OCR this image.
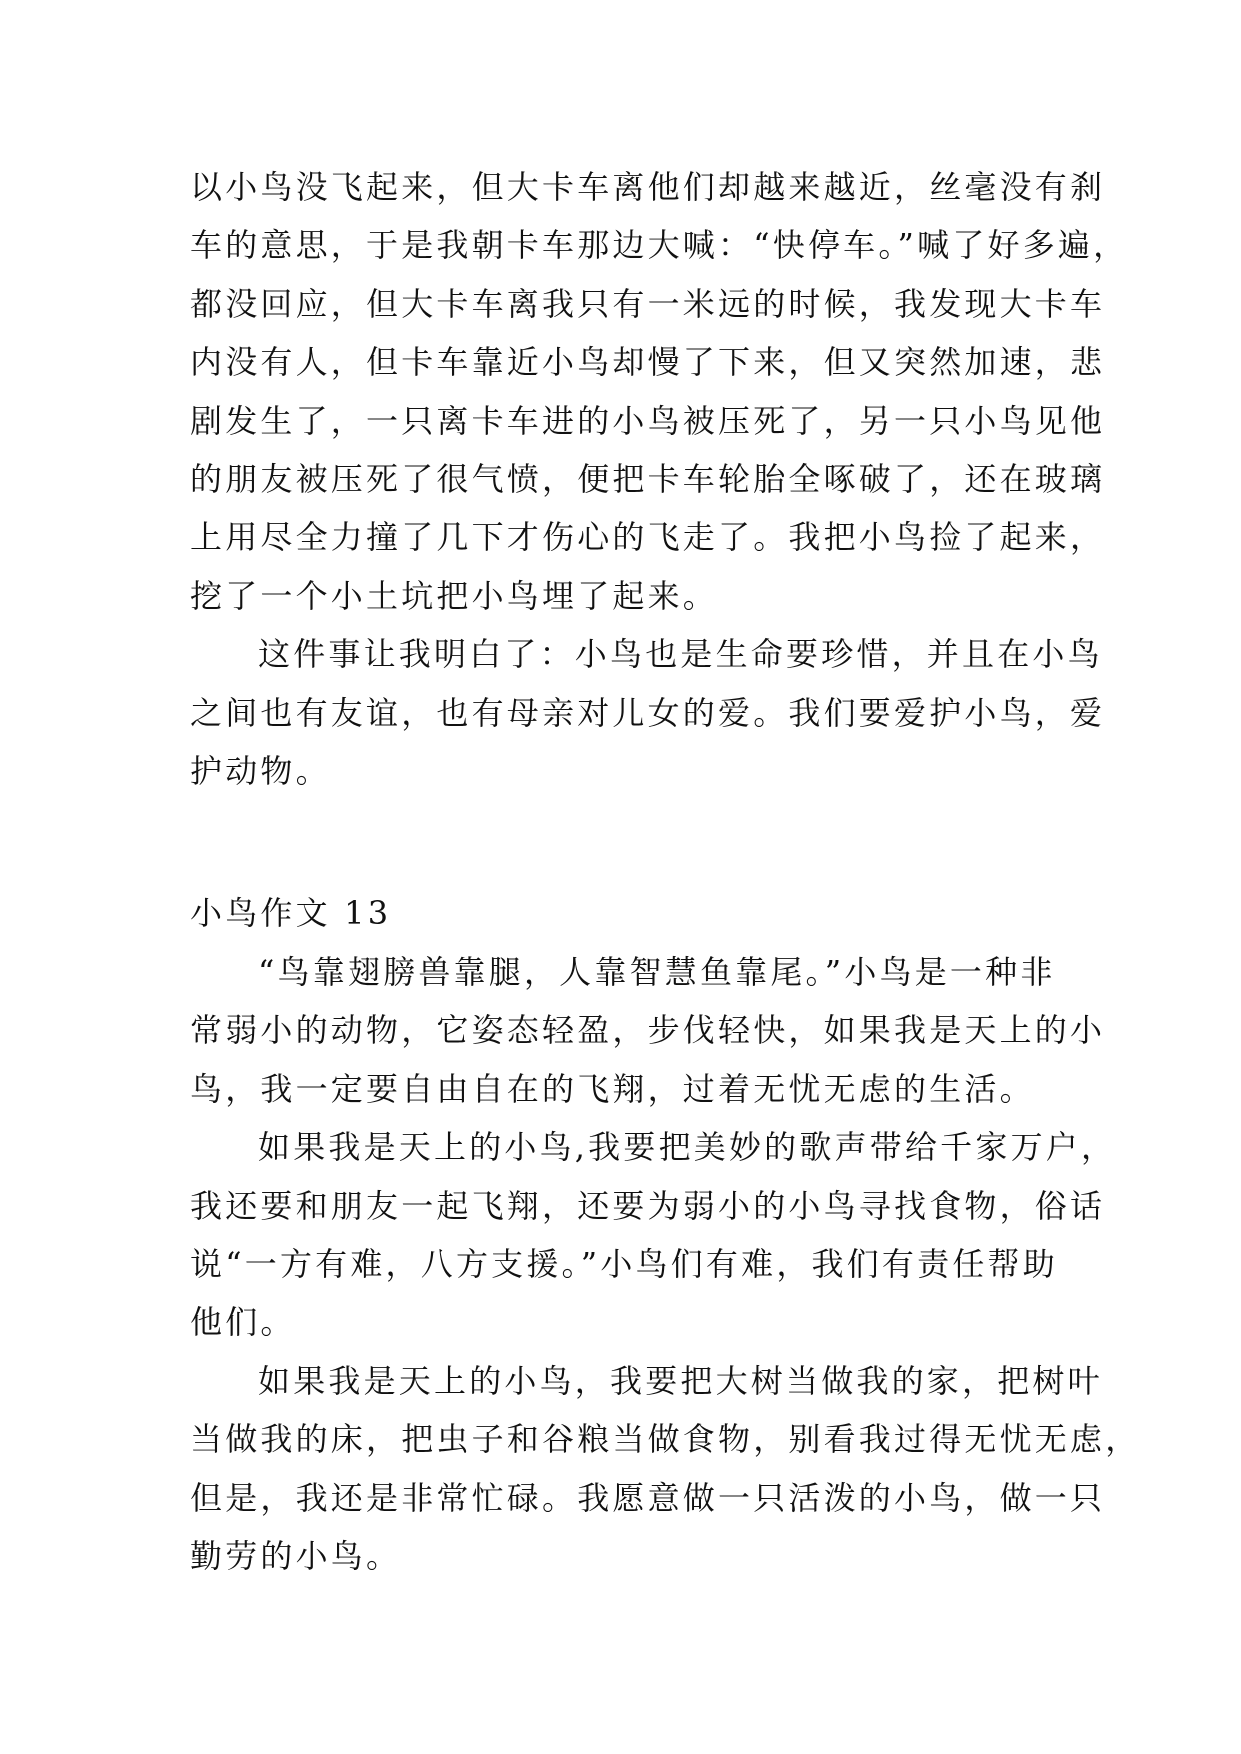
以小鸟没飞起来，但大卡车离他们却越来越近，丝毫没有刹
车的意思，于是我朝卡车那边大喊：“快停车。”喊了好多遍，
都没回应，但大卡车离我只有一米远的时候，我发现大卡车
内没有人，但卡车靠近小鸟却慢了下来，但又突然加速，悲
剧发生了，一只离卡车进的小鸟被压死了，另一只小鸟见他
的朋友被压死了很气愤，便把卡车轮胎全啄破了，还在玻璃
上用尽全力撞了几下才伤心的飞走了。我把小鸟捡了起来，
挖了一个小土坑把小鸟埋了起来。
这件事让我明白了：小鸟也是生命要珍惜，并且在小鸟
之间也有友谊，也有母亲对儿女的爱。我们要爱护小鸟，爱
护动物。
小鸟作文 13
“鸟靠翅膀兽靠腿，人靠智慧鱼靠尾。”小鸟是一种非
常弱小的动物，它姿态轻盈，步伐轻快，如果我是天上的小
鸟，我一定要自由自在的飞翔，过着无忧无虑的生活。
如果我是天上的小鸟,我要把美妙的歌声带给千家万户，
我还要和朋友一起飞翔，还要为弱小的小鸟寻找食物，俗话
说“一方有难，八方支援。”小鸟们有难，我们有责任帮助
他们。
如果我是天上的小鸟，我要把大树当做我的家，把树叶
当做我的床，把虫子和谷粮当做食物，别看我过得无忧无虑，
但是，我还是非常忙碌。我愿意做一只活泼的小鸟，做一只
勤劳的小鸟。
